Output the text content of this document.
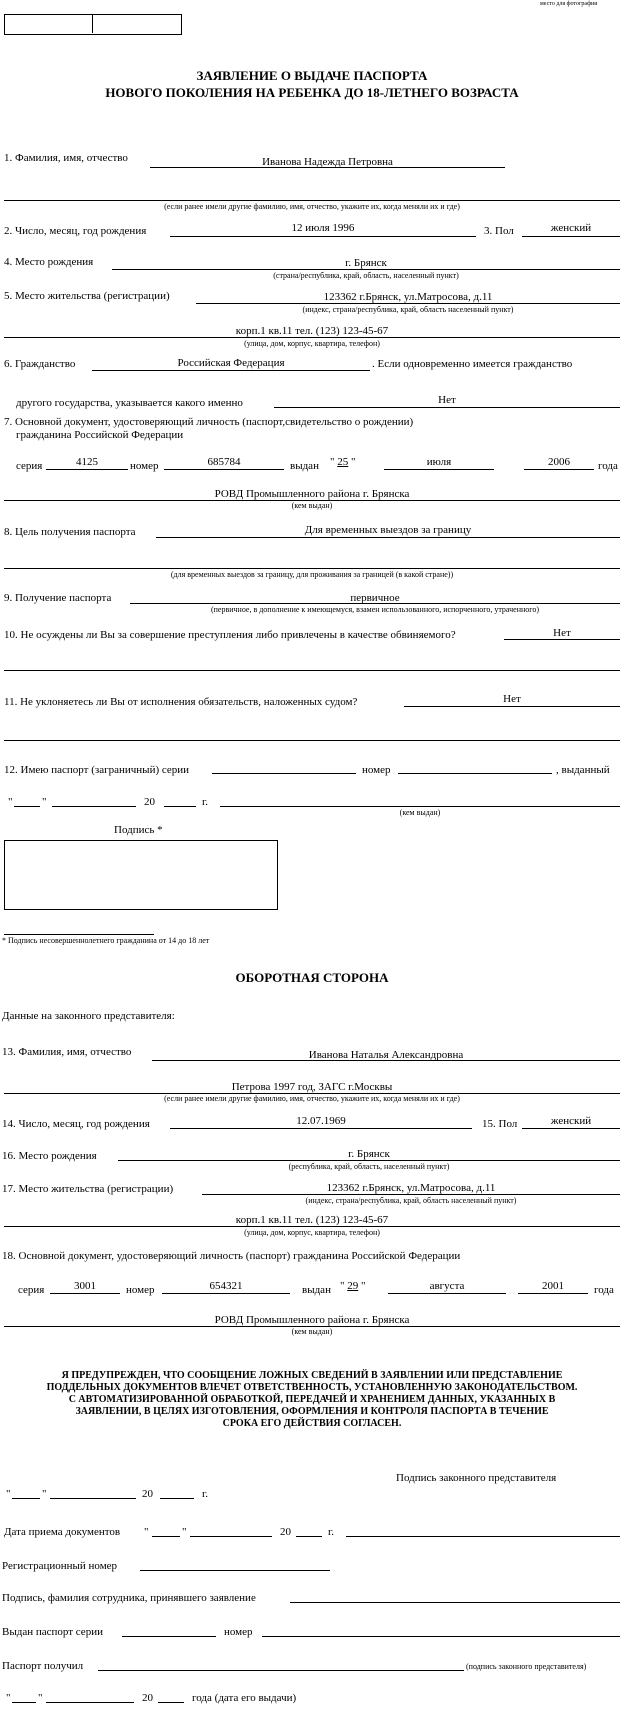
место для фотографии
ЗАЯВЛЕНИЕ О ВЫДАЧЕ ПАСПОРТА
НОВОГО ПОКОЛЕНИЯ НА РЕБЕНКА ДО 18-ЛЕТНЕГО ВОЗРАСТА
1. Фамилия, имя, отчество	Иванова Надежда Петровна
(если ранее имели другие фамилию, имя, отчество, укажите их, когда меняли их и где)
2. Число, месяц, год рождения	12 июля 1996	3. Пол	женский
4. Место рождения	г. Брянск
(страна/республика, край, область, населенный пункт)
5. Место жительства (регистрации)	123362 г.Брянск, ул.Матросова, д.11
(индекс, страна/республика, край, область населенный пункт)
корп.1 кв.11 тел. (123) 123-45-67
(улица, дом, корпус, квартира, телефон)
6. Гражданство	Российская Федерация	. Если одновременно имеется гражданство
другого государства, указывается какого именно	Нет
7. Основной документ, удостоверяющий личность (паспорт,свидетельство о рождении)
гражданина Российской Федерации
серия	4125	номер	685784	выдан " 25 "	июля	2006	года
РОВД Промышленного района г. Брянска
(кем выдан)
8. Цель получения паспорта	Для временных выездов за границу
(для временных выездов за границу, для проживания за границей (в какой стране))
9. Получение паспорта	первичное
(первичное, в дополнение к имеющемуся, взамен использованного, испорченного, утраченного)
10. Не осуждены ли Вы за совершение преступления либо привлечены в качестве обвиняемого?	Нет
11. Не уклоняетесь ли Вы от исполнения обязательств, наложенных судом?	Нет
12. Имею паспорт (заграничный) серии	номер	, выданный
"	"	20	г.
(кем выдан)
Подпись *
* Подпись несовершеннолетнего гражданина от 14 до 18 лет
ОБОРОТНАЯ СТОРОНА
Данные на законного представителя:
13. Фамилия, имя, отчество	Иванова Наталья Александровна
Петрова 1997 год, ЗАГС г.Москвы
(если ранее имели другие фамилию, имя, отчество, укажите их, когда меняли их и где)
14. Число, месяц, год рождения	12.07.1969	15. Пол	женский
16. Место рождения	г. Брянск
(республика, край, область, населенный пункт)
17. Место жительства (регистрации)	123362 г.Брянск, ул.Матросова, д.11
(индекс, страна/республика, край, область населенный пункт)
корп.1 кв.11 тел. (123) 123-45-67
(улица, дом, корпус, квартира, телефон)
18. Основной документ, удостоверяющий личность (паспорт) гражданина Российской Федерации
серия	3001	номер	654321	выдан " 29 "	августа	2001	года
РОВД Промышленного района г. Брянска
(кем выдан)
Я ПРЕДУПРЕЖДЕН, ЧТО СООБЩЕНИЕ ЛОЖНЫХ СВЕДЕНИЙ В ЗАЯВЛЕНИИ ИЛИ ПРЕДСТАВЛЕНИЕ
ПОДДЕЛЬНЫХ ДОКУМЕНТОВ ВЛЕЧЕТ ОТВЕТСТВЕННОСТЬ, УСТАНОВЛЕННУЮ ЗАКОНОДАТЕЛЬСТВОМ.
С АВТОМАТИЗИРОВАННОЙ ОБРАБОТКОЙ, ПЕРЕДАЧЕЙ И ХРАНЕНИЕМ ДАННЫХ, УКАЗАННЫХ В
ЗАЯВЛЕНИИ, В ЦЕЛЯХ ИЗГОТОВЛЕНИЯ, ОФОРМЛЕНИЯ И КОНТРОЛЯ ПАСПОРТА В ТЕЧЕНИЕ
СРОКА ЕГО ДЕЙСТВИЯ СОГЛАСЕН.
Подпись законного представителя
"	"	20	г.
Дата приема документов "	"	20	г.
Регистрационный номер
Подпись, фамилия сотрудника, принявшего заявление
Выдан паспорт серии	номер
Паспорт получил	(подпись законного представителя)
"	"	20	года (дата его выдачи)
